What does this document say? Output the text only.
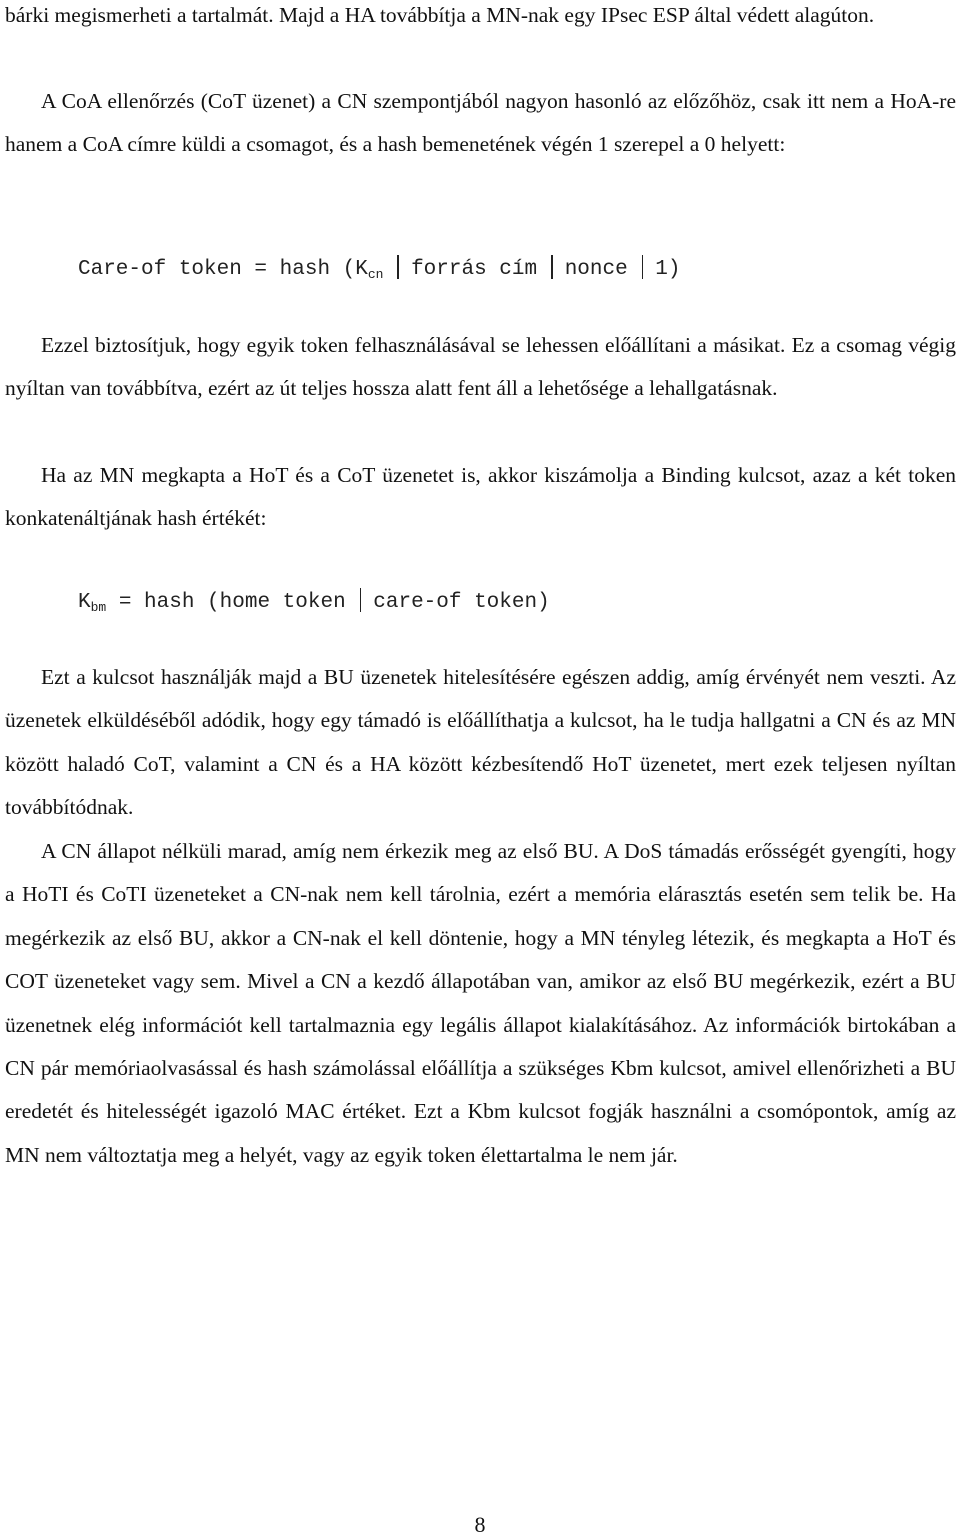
bárki megismerheti a tartalmát. Majd a HA továbbítja a MN-nak egy IPsec ESP által védett alagúton.

A CoA ellenőrzés (CoT üzenet) a CN szempontjából nagyon hasonló az előzőhöz, csak itt nem a HoA-re hanem a CoA címre küldi a csomagot, és a hash bemenetének végén 1 szerepel a 0 helyett:

Care-of token = hash ($K_{cn}$ forrás cím nonce 1)

Ezzel biztosítjuk, hogy egyik token felhasználásával se lehessen előállítani a másikat. Ez a csomag végig nyíltan van továbbítva, ezért az út teljes hossza alatt fent áll a lehetősége a lehallgatásnak.

Ha az MN megkapta a HoT és a CoT üzenetet is, akkor kiszámolja a Binding kulcsot, azaz a két token konkatenáltjának hash értékét:

$K_{bm}$ = hash (home token care-of token)

Ezt a kulcsot használják majd a BU üzenetek hitelesítésére egészen addig, amíg érvényét nem veszti. Az üzenetek elküldéséből adódik, hogy egy támadó is előállíthatja a kulcsot, ha le tudja hallgatni a CN és az MN között haladó CoT, valamint a CN és a HA között kézbesítendő HoT üzenetet, mert ezek teljesen nyíltan továbbítódnak.

A CN állapot nélküli marad, amíg nem érkezik meg az első BU. A DoS támadás erősségét gyengíti, hogy a HoTI és CoTI üzeneteket a CN-nak nem kell tárolnia, ezért a memória elárasztás esetén sem telik be. Ha megérkezik az első BU, akkor a CN-nak el kell döntenie, hogy a MN tényleg létezik, és megkapta a HoT és COT üzeneteket vagy sem. Mivel a CN a kezdő állapotában van, amikor az első BU megérkezik, ezért a BU üzenetnek elég információt kell tartalmaznia egy legális állapot kialakításához. Az információk birtokában a CN pár memóriaolvasással és hash számolással előállítja a szükséges Kbm kulcsot, amivel ellenőrizheti a BU eredetét és hitelességét igazoló MAC értéket. Ezt a Kbm kulcsot fogják használni a csomópontok, amíg az MN nem változtatja meg a helyét, vagy az egyik token élettartalma le nem jár.

8
